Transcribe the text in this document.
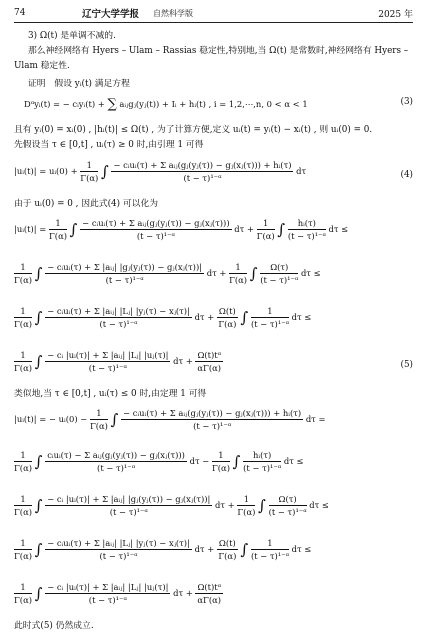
74	辽宁大学学报 自然科学版	2025 年
3) Ω(t) 是单调不减的.
那么神经网络有 Hyers – Ulam – Rassias 稳定性,特别地,当 Ω(t) 是常数时,神经网络有 Hyers –
Ulam 稳定性.
证明　假设 yᵢ(t) 满足方程
Dᵅyᵢ(t) = − cᵢyᵢ(t) + ∑ aᵢⱼgⱼ(yⱼ(t)) + Iᵢ + hᵢ(t) , i = 1,2,⋯,n, 0 < α < 1	(3)
且有 yᵢ(0) = xᵢ(0) , |hᵢ(t)| ≤ Ω(t) , 为了计算方便,定义 uᵢ(t) = yᵢ(t) − xᵢ(t) , 则 uᵢ(0) = 0.
先假设当 τ ∈ [0,t] , uᵢ(τ) ≥ 0 时,由引理 1 可得
|uᵢ(t)| = uᵢ(0) + $\frac{1}{\Gamma(\alpha)}$ ∫ $\frac{\text{− cᵢuᵢ(τ) + Σ aᵢⱼ(gⱼ(yⱼ(τ)) − gⱼ(xⱼ(τ))) + hᵢ(τ)}}{\text{(t − τ)¹⁻ᵅ}}$ dτ	(4)
由于 uᵢ(0) = 0 , 因此式(4) 可以化为
|uᵢ(t)| = $\frac{1}{\Gamma(\alpha)}$ ∫ $\frac{\text{− cᵢuᵢ(τ) + Σ aᵢⱼ(gⱼ(yⱼ(τ)) − gⱼ(xⱼ(τ)))}}{\text{(t − τ)¹⁻ᵅ}}$ $d\tau + \frac{1}{\Gamma(\alpha)}$ ∫ $\frac{\text{hᵢ(τ)}}{\text{(t − τ)¹⁻ᵅ}}$ dτ ≤
$\frac{1}{\Gamma(\alpha)}$ ∫ $\frac{\text{− cᵢuᵢ(τ) + Σ |aᵢⱼ| |gⱼ(yⱼ(τ)) − gⱼ(xⱼ(τ))|}}{\text{(t − τ)¹⁻ᵅ}}$ $d\tau + \frac{1}{\Gamma(\alpha)}$ ∫ $\frac{\Omega(\tau)}{\text{(t − τ)¹⁻ᵅ}}$ dτ ≤
$\frac{1}{\Gamma(\alpha)}$ ∫ $\frac{\text{− cᵢuᵢ(τ) + Σ |aᵢⱼ| |Lⱼ| |yⱼ(τ) − xⱼ(τ)|}}{\text{(t − τ)¹⁻ᵅ}}$ $d\tau + \frac{\Omega(t)}{\Gamma(\alpha)}$ ∫ $\frac{1}{\text{(t − τ)¹⁻ᵅ}}$ dτ ≤
$\frac{1}{\Gamma(\alpha)}$ ∫ $\frac{\text{− cᵢ |uᵢ(τ)| + Σ |aᵢⱼ| |Lⱼ| |uⱼ(τ)|}}{\text{(t − τ)¹⁻ᵅ}}$ $d\tau + \frac{\text{Ω(t)tᵅ}}{\alpha\Gamma(\alpha)}$	(5)
类似地,当 τ ∈ [0,t] , uᵢ(τ) ≤ 0 时,由定理 1 可得
|uᵢ(t)| = − uᵢ(0) − $\frac{1}{\Gamma(\alpha)}$ ∫ $\frac{\text{− cᵢuᵢ(τ) + Σ aᵢⱼ(gⱼ(yⱼ(τ)) − gⱼ(xⱼ(τ))) + hᵢ(τ)}}{\text{(t − τ)¹⁻ᵅ}}$ dτ =
$\frac{1}{\Gamma(\alpha)}$ ∫ $\frac{\text{cᵢuᵢ(τ) − Σ aᵢⱼ(gⱼ(yⱼ(τ)) − gⱼ(xⱼ(τ)))}}{\text{(t − τ)¹⁻ᵅ}}$ $d\tau - \frac{1}{\Gamma(\alpha)}$ ∫ $\frac{\text{hᵢ(τ)}}{\text{(t − τ)¹⁻ᵅ}}$ dτ ≤
$\frac{1}{\Gamma(\alpha)}$ ∫ $\frac{\text{− cᵢ |uᵢ(τ)| + Σ |aᵢⱼ| |gⱼ(yⱼ(τ)) − gⱼ(xⱼ(τ))|}}{\text{(t − τ)¹⁻ᵅ}}$ $d\tau + \frac{1}{\Gamma(\alpha)}$ ∫ $\frac{\Omega(\tau)}{\text{(t − τ)¹⁻ᵅ}}$ dτ ≤
$\frac{1}{\Gamma(\alpha)}$ ∫ $\frac{\text{− cᵢuᵢ(τ) + Σ |aᵢⱼ| |Lⱼ| |yⱼ(τ) − xⱼ(τ)|}}{\text{(t − τ)¹⁻ᵅ}}$ $d\tau + \frac{\Omega(t)}{\Gamma(\alpha)}$ ∫ $\frac{1}{\text{(t − τ)¹⁻ᵅ}}$ dτ ≤
$\frac{1}{\Gamma(\alpha)}$ ∫ $\frac{\text{− cᵢ |uᵢ(τ)| + Σ |aᵢⱼ| |Lⱼ| |uⱼ(τ)|}}{\text{(t − τ)¹⁻ᵅ}}$ $d\tau + \frac{\text{Ω(t)tᵅ}}{\alpha\Gamma(\alpha)}$
此时式(5) 仍然成立.
